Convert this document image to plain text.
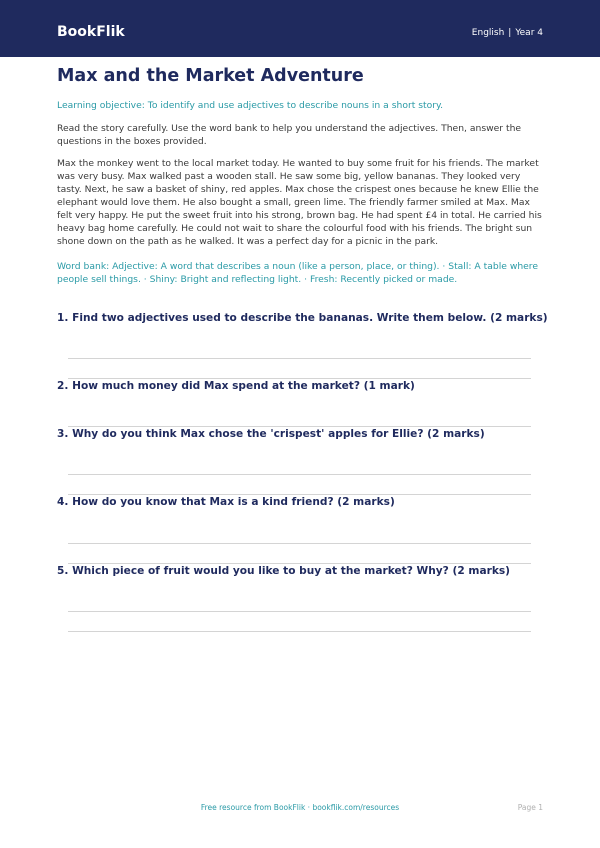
BookFlik	English | Year 4
Max and the Market Adventure

Learning objective: To identify and use adjectives to describe nouns in a short story.

Read the story carefully. Use the word bank to help you understand the adjectives. Then, answer the questions in the boxes provided.

Max the monkey went to the local market today. He wanted to buy some fruit for his friends. The market was very busy. Max walked past a wooden stall. He saw some big, yellow bananas. They looked very tasty. Next, he saw a basket of shiny, red apples. Max chose the crispest ones because he knew Ellie the elephant would love them. He also bought a small, green lime. The friendly farmer smiled at Max. Max felt very happy. He put the sweet fruit into his strong, brown bag. He had spent £4 in total. He carried his heavy bag home carefully. He could not wait to share the colourful food with his friends. The bright sun shone down on the path as he walked. It was a perfect day for a picnic in the park.

Word bank: Adjective: A word that describes a noun (like a person, place, or thing). · Stall: A table where people sell things. · Shiny: Bright and reflecting light. · Fresh: Recently picked or made.

1. Find two adjectives used to describe the bananas. Write them below. (2 marks)
2. How much money did Max spend at the market? (1 mark)
3. Why do you think Max chose the 'crispest' apples for Ellie? (2 marks)
4. How do you know that Max is a kind friend? (2 marks)
5. Which piece of fruit would you like to buy at the market? Why? (2 marks)
Free resource from BookFlik · bookflik.com/resources	Page 1
